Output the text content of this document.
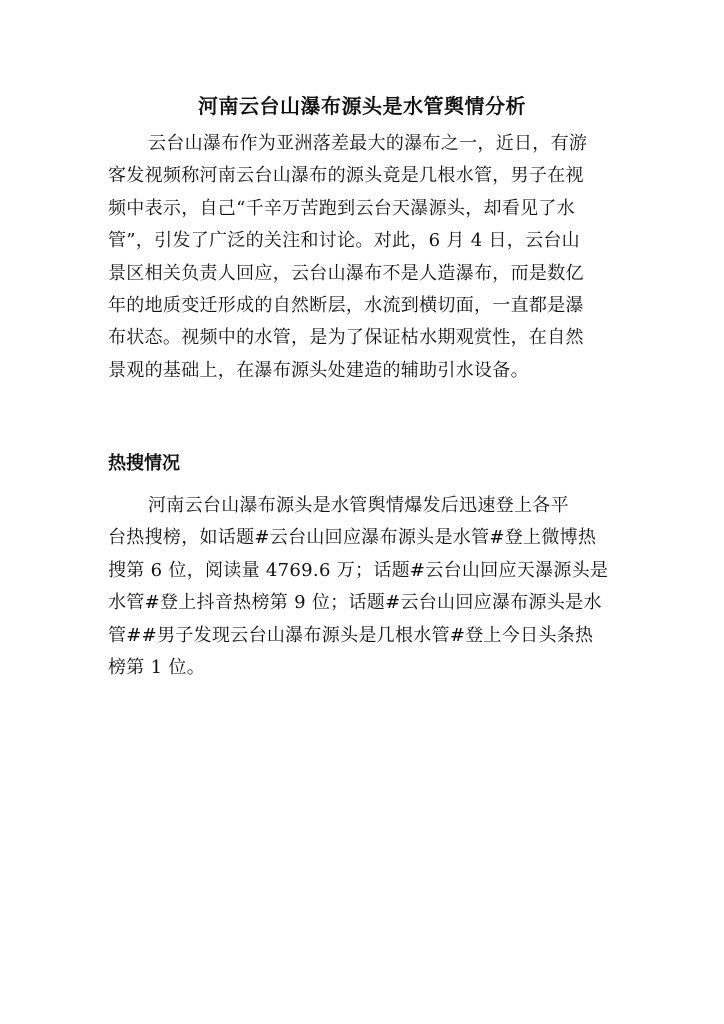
河南云台山瀑布源头是水管舆情分析

云台山瀑布作为亚洲落差最大的瀑布之一，近日，有游
客发视频称河南云台山瀑布的源头竟是几根水管，男子在视
频中表示，自己“千辛万苦跑到云台天瀑源头，却看见了水
管”，引发了广泛的关注和讨论。对此，6 月 4 日，云台山
景区相关负责人回应，云台山瀑布不是人造瀑布，而是数亿
年的地质变迁形成的自然断层，水流到横切面，一直都是瀑
布状态。视频中的水管，是为了保证枯水期观赏性，在自然
景观的基础上，在瀑布源头处建造的辅助引水设备。

热搜情况

河南云台山瀑布源头是水管舆情爆发后迅速登上各平
台热搜榜，如话题#云台山回应瀑布源头是水管#登上微博热
搜第 6 位，阅读量 4769.6 万；话题#云台山回应天瀑源头是
水管#登上抖音热榜第 9 位；话题#云台山回应瀑布源头是水
管##男子发现云台山瀑布源头是几根水管#登上今日头条热
榜第 1 位。
